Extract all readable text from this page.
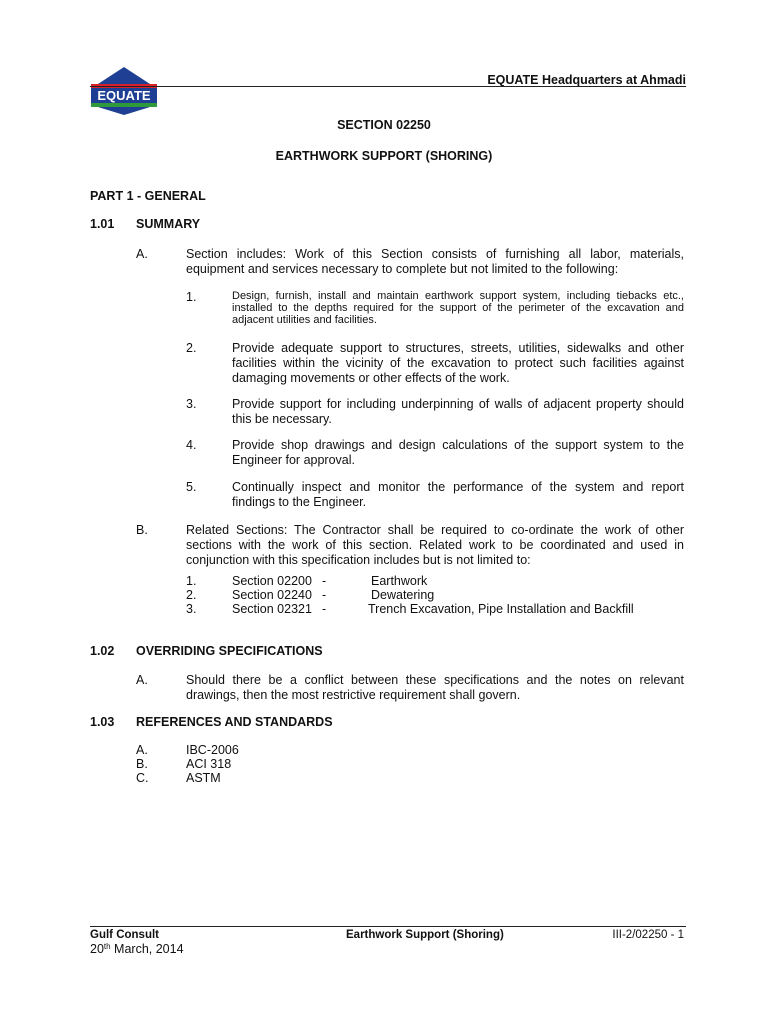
EQUATE
EQUATE Headquarters at Ahmadi
SECTION 02250
EARTHWORK SUPPORT (SHORING)
PART 1 - GENERAL
1.01 SUMMARY
A.	Section includes: Work of this Section consists of furnishing all labor, materials, equipment and services necessary to complete but not limited to the following:
1.	Design, furnish, install and maintain earthwork support system, including tiebacks etc., installed to the depths required for the support of the perimeter of the excavation and adjacent utilities and facilities.
2.	Provide adequate support to structures, streets, utilities, sidewalks and other facilities within the vicinity of the excavation to protect such facilities against damaging movements or other effects of the work.
3.	Provide support for including underpinning of walls of adjacent property should this be necessary.
4.	Provide shop drawings and design calculations of the support system to the Engineer for approval.
5.	Continually inspect and monitor the performance of the system and report findings to the Engineer.
B.	Related Sections: The Contractor shall be required to co-ordinate the work of other sections with the work of this section. Related work to be coordinated and used in conjunction with this specification includes but is not limited to:
1.	Section 02200 -	Earthwork
2.	Section 02240 -	Dewatering
3.	Section 02321 -	Trench Excavation, Pipe Installation and Backfill
1.02 OVERRIDING SPECIFICATIONS
A.	Should there be a conflict between these specifications and the notes on relevant drawings, then the most restrictive requirement shall govern.
1.03 REFERENCES AND STANDARDS
A.	IBC-2006
B.	ACI 318
C.	ASTM
Gulf Consult	Earthwork Support (Shoring)	III-2/02250 - 1
20th March, 2014
